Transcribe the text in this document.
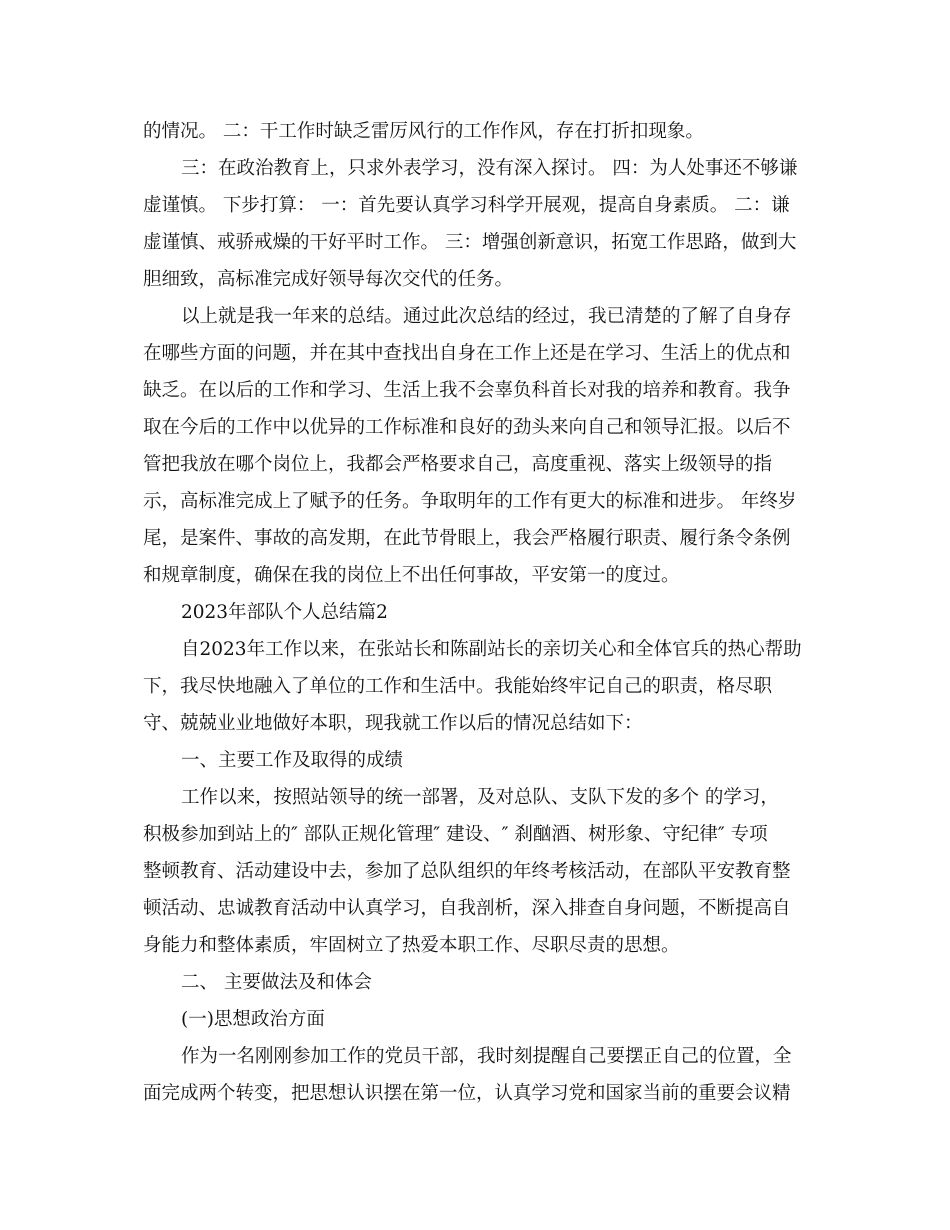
的情况。 二：干工作时缺乏雷厉风行的工作作风，存在打折扣现象。
三：在政治教育上，只求外表学习，没有深入探讨。 四：为人处事还不够谦
虚谨慎。 下步打算： 一：首先要认真学习科学开展观，提高自身素质。 二：谦
虚谨慎、戒骄戒燥的干好平时工作。 三：增强创新意识，拓宽工作思路，做到大
胆细致，高标准完成好领导每次交代的任务。
以上就是我一年来的总结。通过此次总结的经过，我已清楚的了解了自身存
在哪些方面的问题，并在其中查找出自身在工作上还是在学习、生活上的优点和
缺乏。在以后的工作和学习、生活上我不会辜负科首长对我的培养和教育。我争
取在今后的工作中以优异的工作标准和良好的劲头来向自己和领导汇报。以后不
管把我放在哪个岗位上，我都会严格要求自己，高度重视、落实上级领导的指
示，高标准完成上了赋予的任务。争取明年的工作有更大的标准和进步。 年终岁
尾，是案件、事故的高发期，在此节骨眼上，我会严格履行职责、履行条令条例
和规章制度，确保在我的岗位上不出任何事故，平安第一的度过。
2023年部队个人总结篇2
自2023年工作以来，在张站长和陈副站长的亲切关心和全体官兵的热心帮助
下，我尽快地融入了单位的工作和生活中。我能始终牢记自己的职责，格尽职
守、兢兢业业地做好本职，现我就工作以后的情况总结如下：
一、主要工作及取得的成绩
工作以来，按照站领导的统一部署，及对总队、支队下发的多个 的学习，
积极参加到站上的″ 部队正规化管理″ 建设、″ 刹酗酒、树形象、守纪律″ 专项
整顿教育、活动建设中去，参加了总队组织的年终考核活动，在部队平安教育整
顿活动、忠诚教育活动中认真学习，自我剖析，深入排查自身问题，不断提高自
身能力和整体素质，牢固树立了热爱本职工作、尽职尽责的思想。
二、 主要做法及和体会
(一)思想政治方面
作为一名刚刚参加工作的党员干部，我时刻提醒自己要摆正自己的位置，全
面完成两个转变，把思想认识摆在第一位，认真学习党和国家当前的重要会议精
